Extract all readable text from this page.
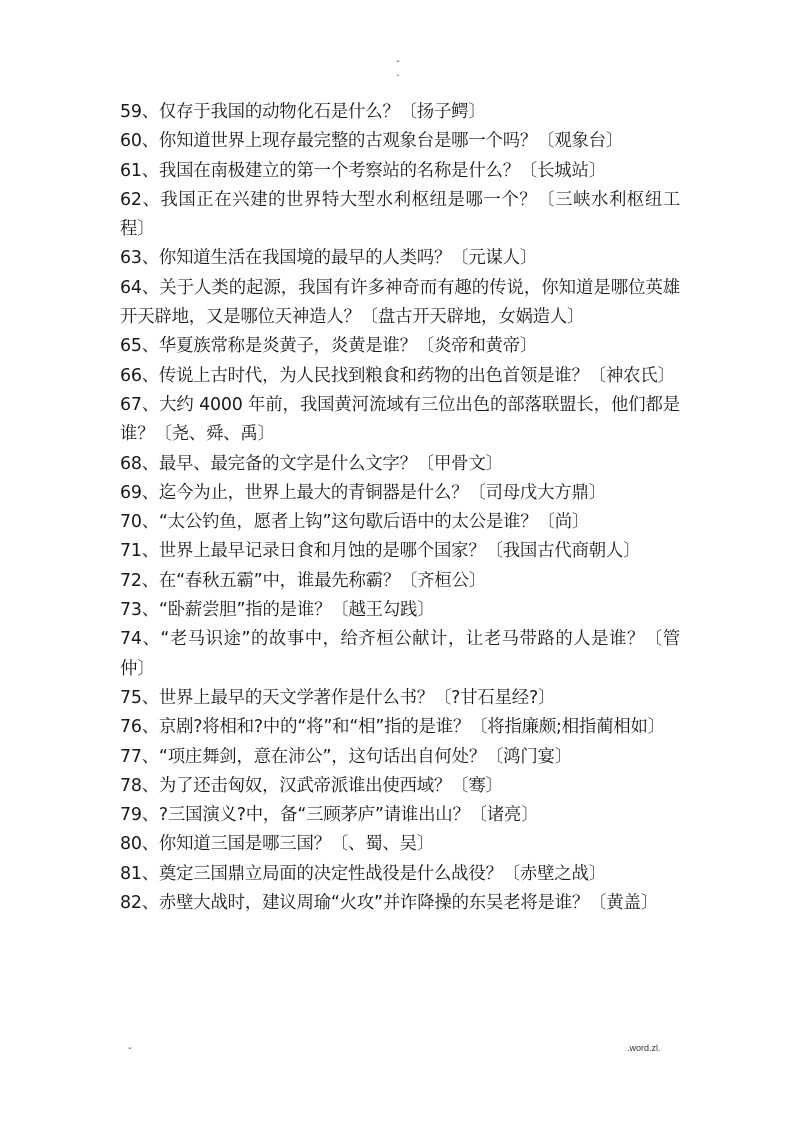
-
.

59、仅存于我国的动物化石是什么？〔扬子鳄〕

60、你知道世界上现存最完整的古观象台是哪一个吗？〔观象台〕

61、我国在南极建立的第一个考察站的名称是什么？〔长城站〕

62、我国正在兴建的世界特大型水利枢纽是哪一个？〔三峡水利枢纽工程〕

63、你知道生活在我国境的最早的人类吗？〔元谋人〕

64、关于人类的起源，我国有许多神奇而有趣的传说，你知道是哪位英雄开天辟地，又是哪位天神造人？〔盘古开天辟地，女娲造人〕

65、华夏族常称是炎黄子，炎黄是谁？〔炎帝和黄帝〕

66、传说上古时代，为人民找到粮食和药物的出色首领是谁？〔神农氏〕

67、大约 4000 年前，我国黄河流域有三位出色的部落联盟长，他们都是谁？〔尧、舜、禹〕

68、最早、最完备的文字是什么文字？〔甲骨文〕

69、迄今为止，世界上最大的青铜器是什么？〔司母戊大方鼎〕

70、“太公钓鱼，愿者上钩”这句歇后语中的太公是谁？〔尚〕

71、世界上最早记录日食和月蚀的是哪个国家？〔我国古代商朝人〕

72、在“春秋五霸”中，谁最先称霸？〔齐桓公〕

73、“卧薪尝胆”指的是谁？〔越王勾践〕

74、“老马识途”的故事中，给齐桓公献计，让老马带路的人是谁？〔管仲〕

75、世界上最早的天文学著作是什么书？〔?甘石星经?〕

76、京剧?将相和?中的“将”和“相”指的是谁？〔将指廉颇;相指蔺相如〕

77、“项庄舞剑，意在沛公”，这句话出自何处？〔鸿门宴〕

78、为了还击匈奴，汉武帝派谁出使西域？〔骞〕

79、?三国演义?中，备“三顾茅庐”请谁出山？〔诸亮〕

80、你知道三国是哪三国？〔、蜀、吴〕

81、奠定三国鼎立局面的决定性战役是什么战役？〔赤壁之战〕

82、赤壁大战时，建议周瑜“火攻”并诈降操的东吴老将是谁？〔黄盖〕

-	.word.zl.
